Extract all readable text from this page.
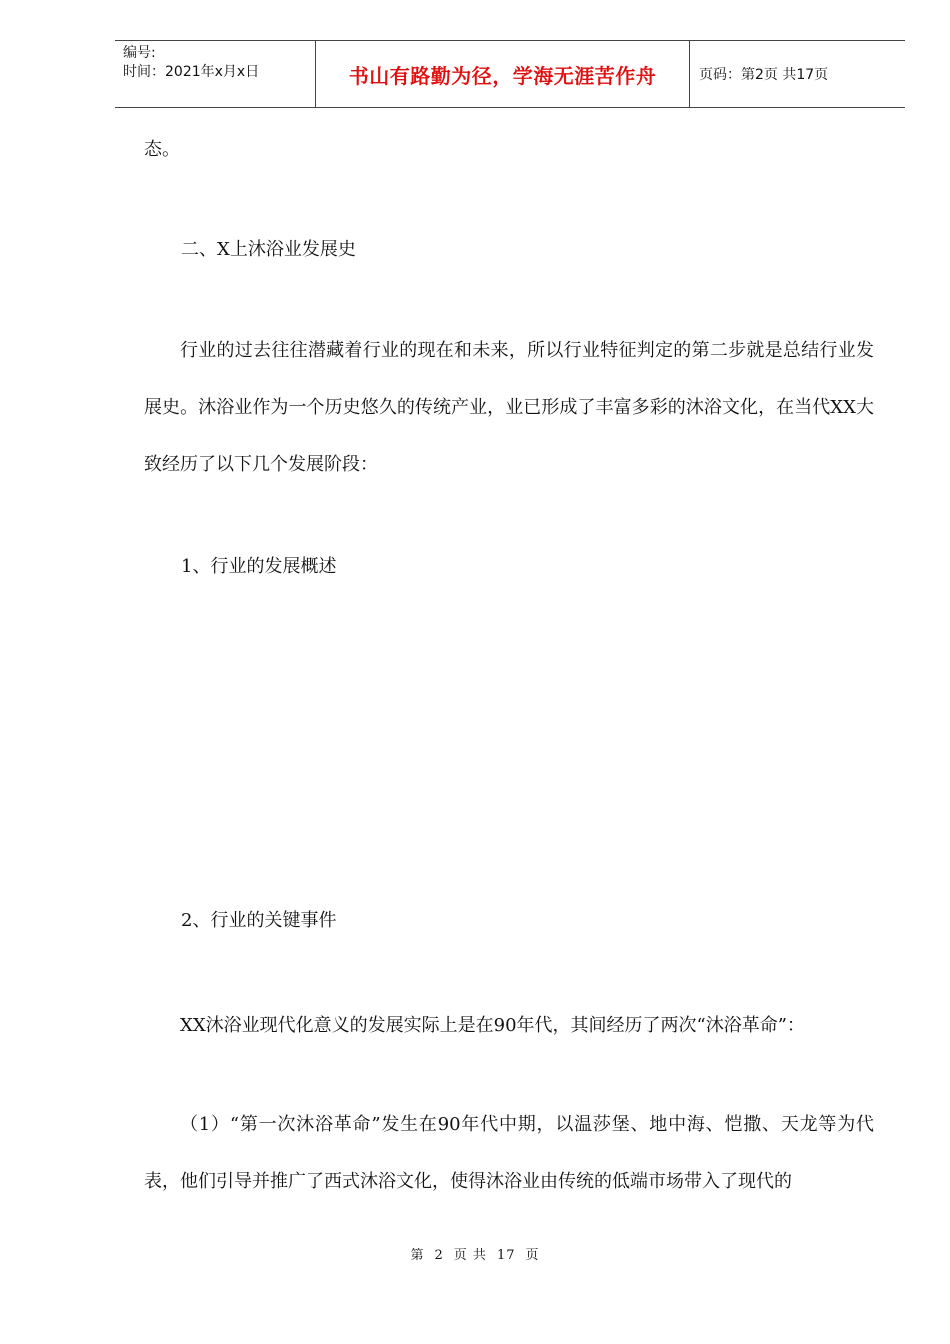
编号:
时间：2021年x月x日	书山有路勤为径，学海无涯苦作舟	页码：第2页 共17页
态。
二、X上沐浴业发展史
行业的过去往往潜藏着行业的现在和未来，所以行业特征判定的第二步就是总结行业发展史。沐浴业作为一个历史悠久的传统产业，业已形成了丰富多彩的沐浴文化，在当代XX大致经历了以下几个发展阶段：
1、行业的发展概述
2、行业的关键事件
XX沐浴业现代化意义的发展实际上是在90年代，其间经历了两次“沐浴革命”：
（1）“第一次沐浴革命”发生在90年代中期，以温莎堡、地中海、恺撒、天龙等为代表，他们引导并推广了西式沐浴文化，使得沐浴业由传统的低端市场带入了现代的
第 2 页 共 17 页
